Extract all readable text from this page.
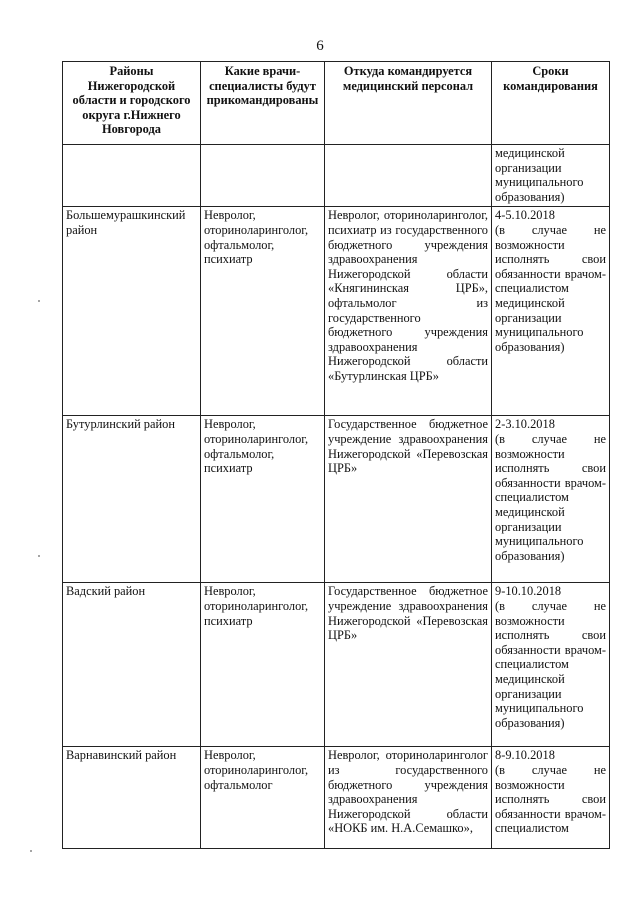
6
Районы Нижегородской области и городского округа г.Нижнего Новгорода	Какие врачи-специалисты будут прикомандированы	Откуда командируется медицинский персонал	Сроки командирования
			медицинской организации муниципального образования)
Большемурашкинский район	Невролог, оториноларинголог, офтальмолог, психиатр	Невролог, оториноларинголог, психиатр из государственного бюджетного учреждения здравоохранения Нижегородской области «Княгининская ЦРБ», офтальмолог из государственного бюджетного учреждения здравоохранения Нижегородской области «Бутурлинская ЦРБ»	4-5.10.2018
(в случае не возможности исполнять свои обязанности врачом-специалистом медицинской организации муниципального образования)

Бутурлинский район	Невролог, оториноларинголог, офтальмолог, психиатр	Государственное бюджетное учреждение здравоохранения Нижегородской «Перевозская ЦРБ»	2-3.10.2018
(в случае не возможности исполнять свои обязанности врачом-специалистом медицинской организации муниципального образования)

Вадский район	Невролог, оториноларинголог, психиатр	Государственное бюджетное учреждение здравоохранения Нижегородской «Перевозская ЦРБ»	9-10.10.2018
(в случае не возможности исполнять свои обязанности врачом-специалистом медицинской организации муниципального образования)

Варнавинский район	Невролог, оториноларинголог, офтальмолог	Невролог, оториноларинголог из государственного бюджетного учреждения здравоохранения Нижегородской области «НОКБ им. Н.А.Семашко»,	8-9.10.2018
(в случае не возможности исполнять свои обязанности врачом-специалистом
